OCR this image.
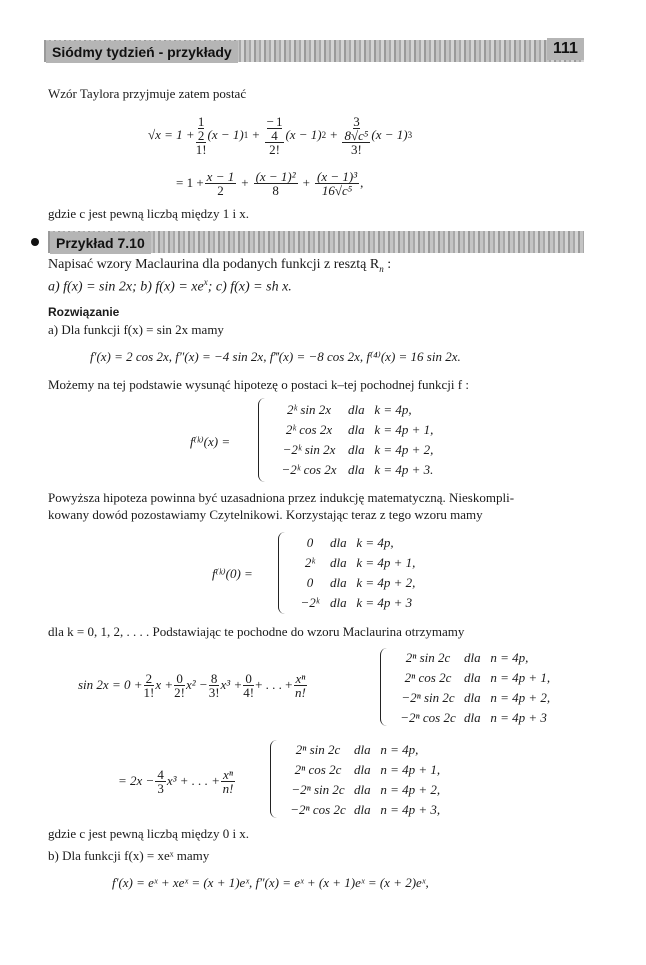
Siódmy tydzień - przykłady	111
Wzór Taylora przyjmuje zatem postać
√x = 1 + 1
2
1! (x − 1) 1 + − 1
4
2! (x − 1) 2 + 3
8√c⁵
3! (x − 1) 3
= $1 + \frac{x - 1}{2} + \frac{\text{(x − 1)²}}{8} + \frac{\text{(x − 1)³}}{\text{16√c⁵}}$ ,
gdzie c jest pewną liczbą między 1 i x.
Przykład 7.10
Napisać wzory Maclaurina dla podanych funkcji z resztą $R_n$ :
a) f(x) = sin 2x; b) $f(x) = xe^x$; c) f(x) = sh x.
Rozwiązanie
a) Dla funkcji f(x) = sin 2x mamy
f′(x) = 2 cos 2x, f″(x) = −4 sin 2x, f‴(x) = −8 cos 2x, f⁽⁴⁾(x) = 16 sin 2x.
Możemy na tej podstawie wysunąć hipotezę o postaci k–tej pochodnej funkcji f :
f⁽ᵏ⁾(x) =
2ᵏ sin 2x	dla   k = 4p,
2ᵏ cos 2x	dla   k = 4p + 1,
−2ᵏ sin 2x dla   k = 4p + 2,
−2ᵏ cos 2x dla   k = 4p + 3.
Powyższa hipoteza powinna być uzasadniona przez indukcję matematyczną. Nieskompli-
kowany dowód pozostawiamy Czytelnikowi. Korzystając teraz z tego wzoru mamy
f⁽ᵏ⁾(0) =
0	dla   k = 4p,
2ᵏ	dla   k = 4p + 1,
0	dla   k = 4p + 2,
−2ᵏ dla   k = 4p + 3
dla k = 0, 1, 2, . . . . Podstawiając te pochodne do wzoru Maclaurina otrzymamy
$\sin 2x = 0 + \frac{2}{1!}$ $x + \frac{0}{2!} x^2 - \frac{8}{3!} x^3 + \frac{0}{4!}$ + . . . + $\frac{\text{xⁿ}}{n!}$
2ⁿ sin 2c	dla   n = 4p,
2ⁿ cos 2c dla   n = 4p + 1,
−2ⁿ sin 2c dla   n = 4p + 2,
−2ⁿ cos 2c dla   n = 4p + 3
= $2x - \frac{4}{3} x^3$ + . . . + $\frac{\text{xⁿ}}{n!}$
2ⁿ sin 2c	dla   n = 4p,
2ⁿ cos 2c dla   n = 4p + 1,
−2ⁿ sin 2c dla   n = 4p + 2,
−2ⁿ cos 2c dla   n = 4p + 3,
gdzie c jest pewną liczbą między 0 i x.
b) Dla funkcji f(x) = xeˣ mamy
f′(x) = eˣ + xeˣ = (x + 1)eˣ, f″(x) = eˣ + (x + 1)eˣ = (x + 2)eˣ,
